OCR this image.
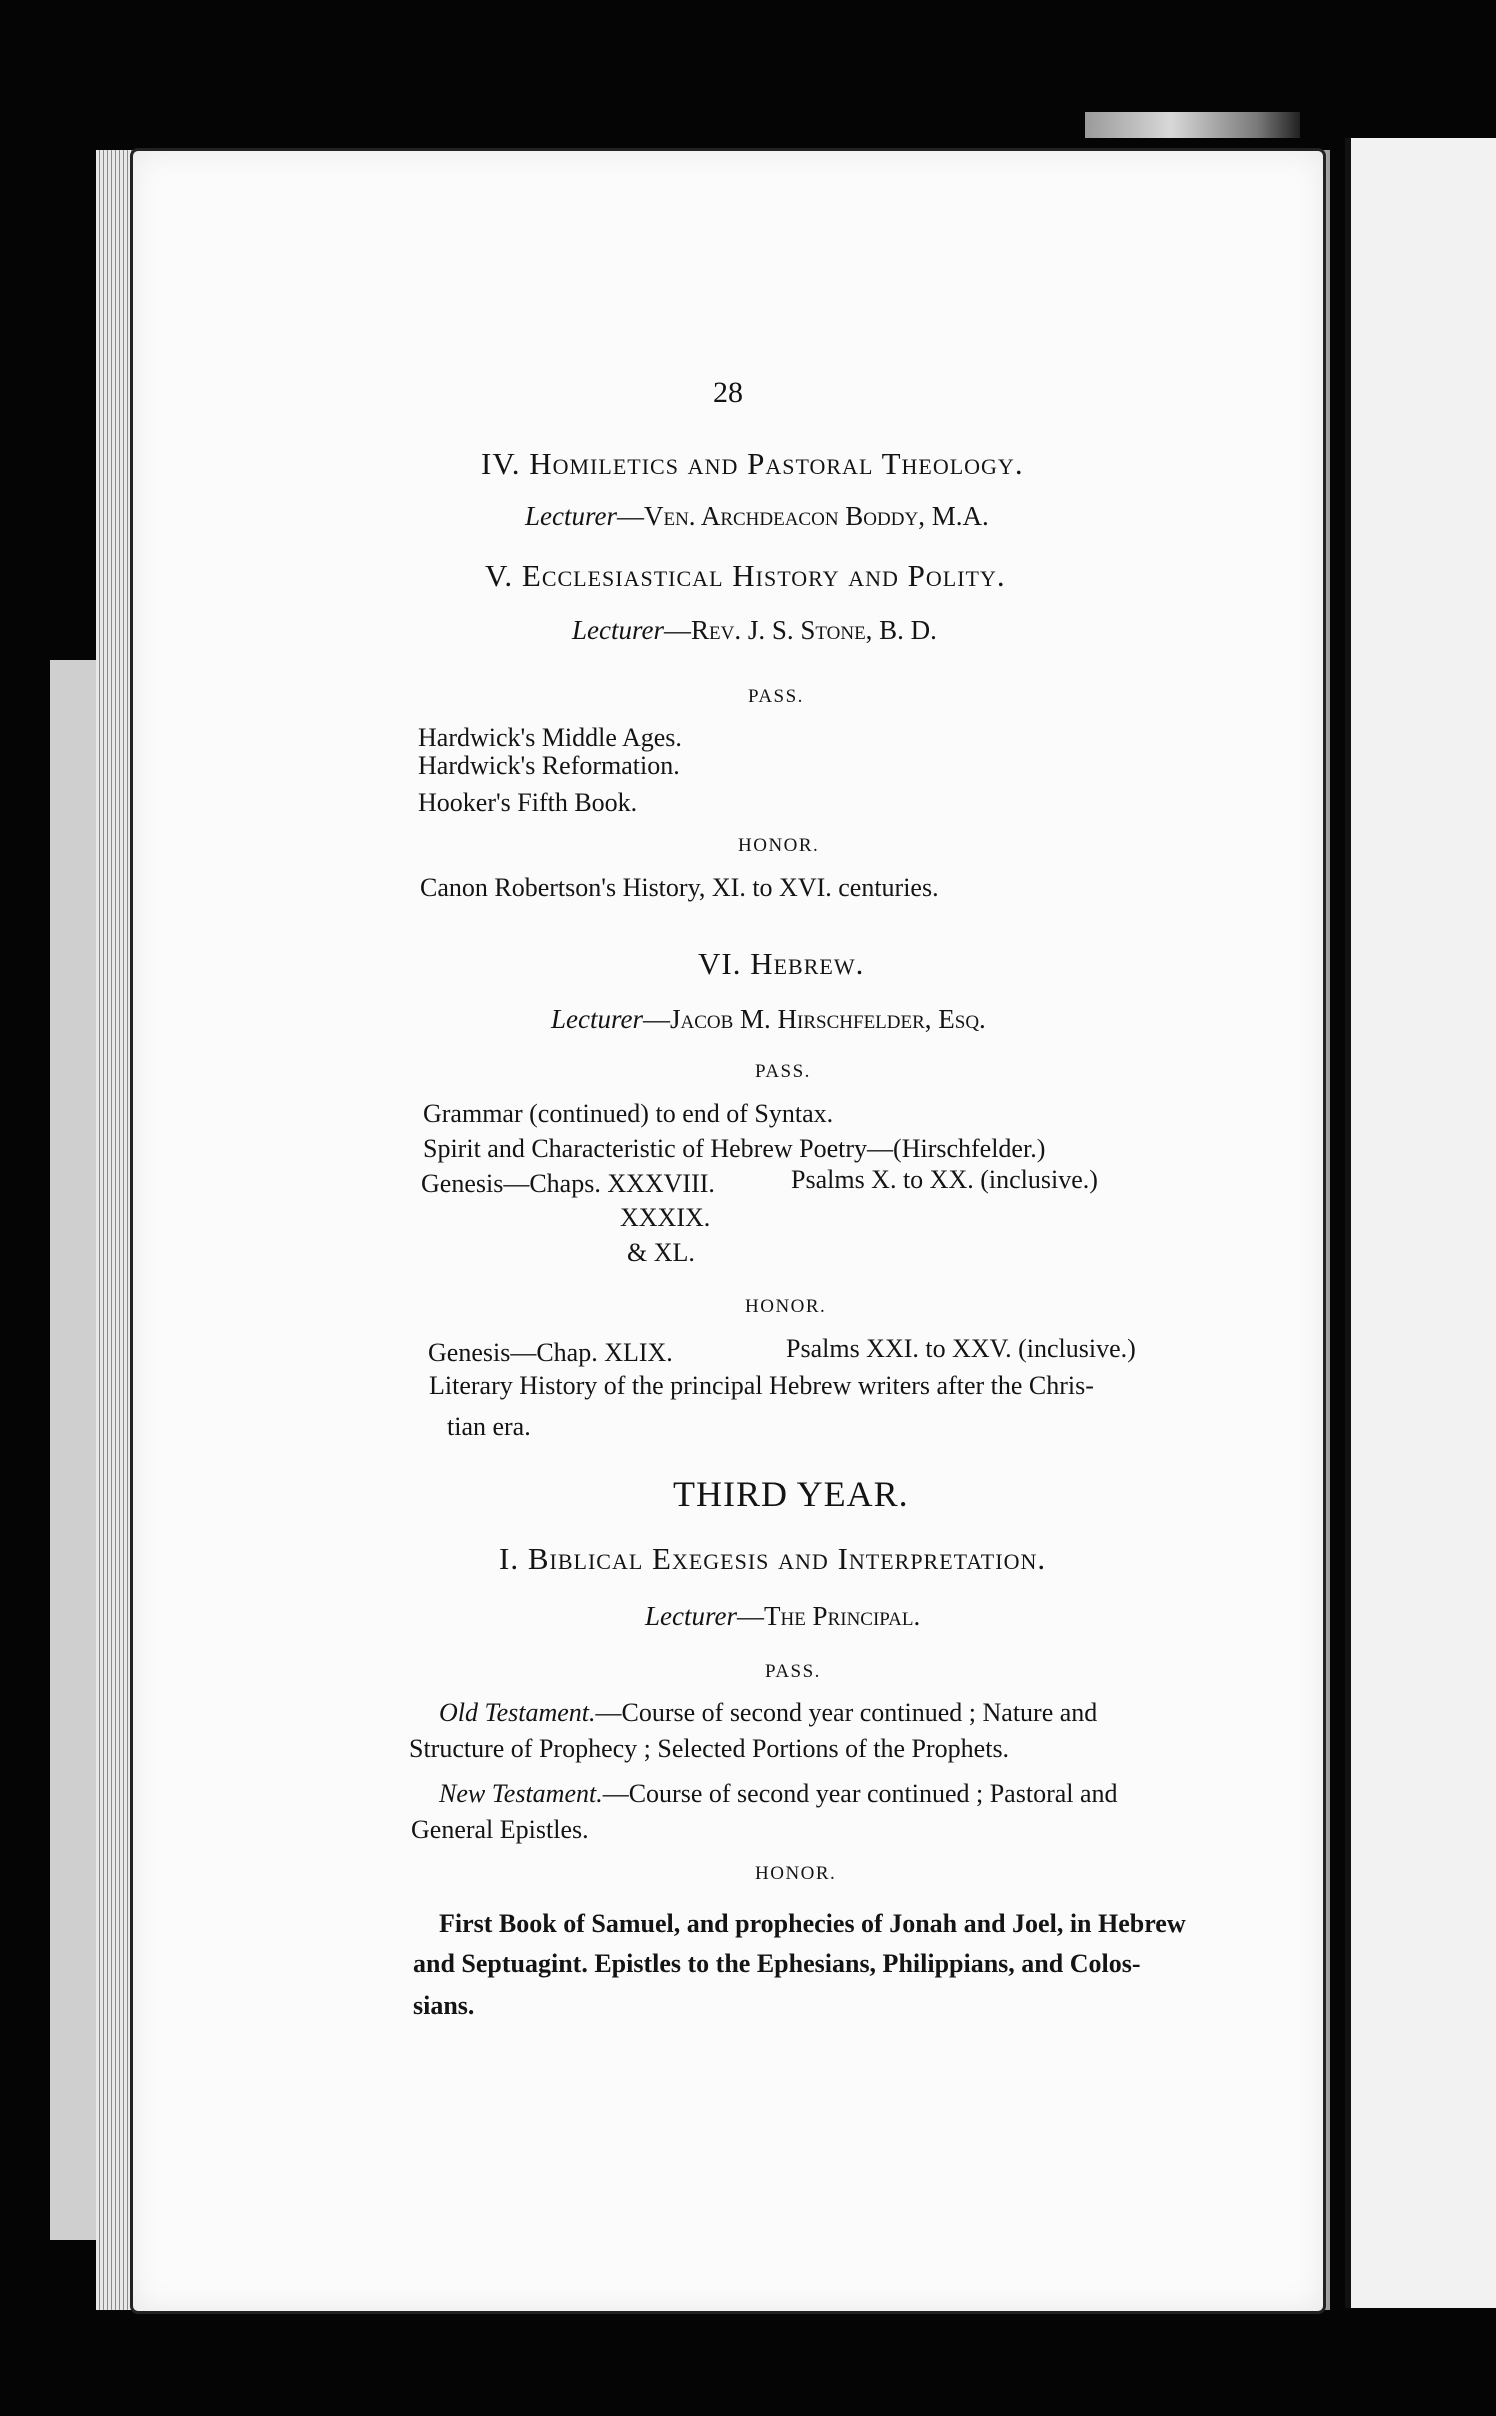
28
IV. Homiletics and Pastoral Theology.
Lecturer—Ven. Archdeacon Boddy, M.A.
V. Ecclesiastical History and Polity.
Lecturer—Rev. J. S. Stone, B. D.
PASS.
Hardwick's Middle Ages.
Hardwick's Reformation.
Hooker's Fifth Book.
HONOR.
Canon Robertson's History, XI. to XVI. centuries.
VI. Hebrew.
Lecturer—Jacob M. Hirschfelder, Esq.
PASS.
Grammar (continued) to end of Syntax.
Spirit and Characteristic of Hebrew Poetry—(Hirschfelder.)
Genesis—Chaps. XXXVIII.	Psalms X. to XX. (inclusive.)
XXXIX.
& XL.
HONOR.
Genesis—Chap. XLIX.	Psalms XXI. to XXV. (inclusive.)
Literary History of the principal Hebrew writers after the Chris-
tian era.
THIRD YEAR.
I. Biblical Exegesis and Interpretation.
Lecturer—The Principal.
PASS.
Old Testament.—Course of second year continued ; Nature and
Structure of Prophecy ; Selected Portions of the Prophets.
New Testament.—Course of second year continued ; Pastoral and
General Epistles.
HONOR.
First Book of Samuel, and prophecies of Jonah and Joel, in Hebrew
and Septuagint. Epistles to the Ephesians, Philippians, and Colos-
sians.
